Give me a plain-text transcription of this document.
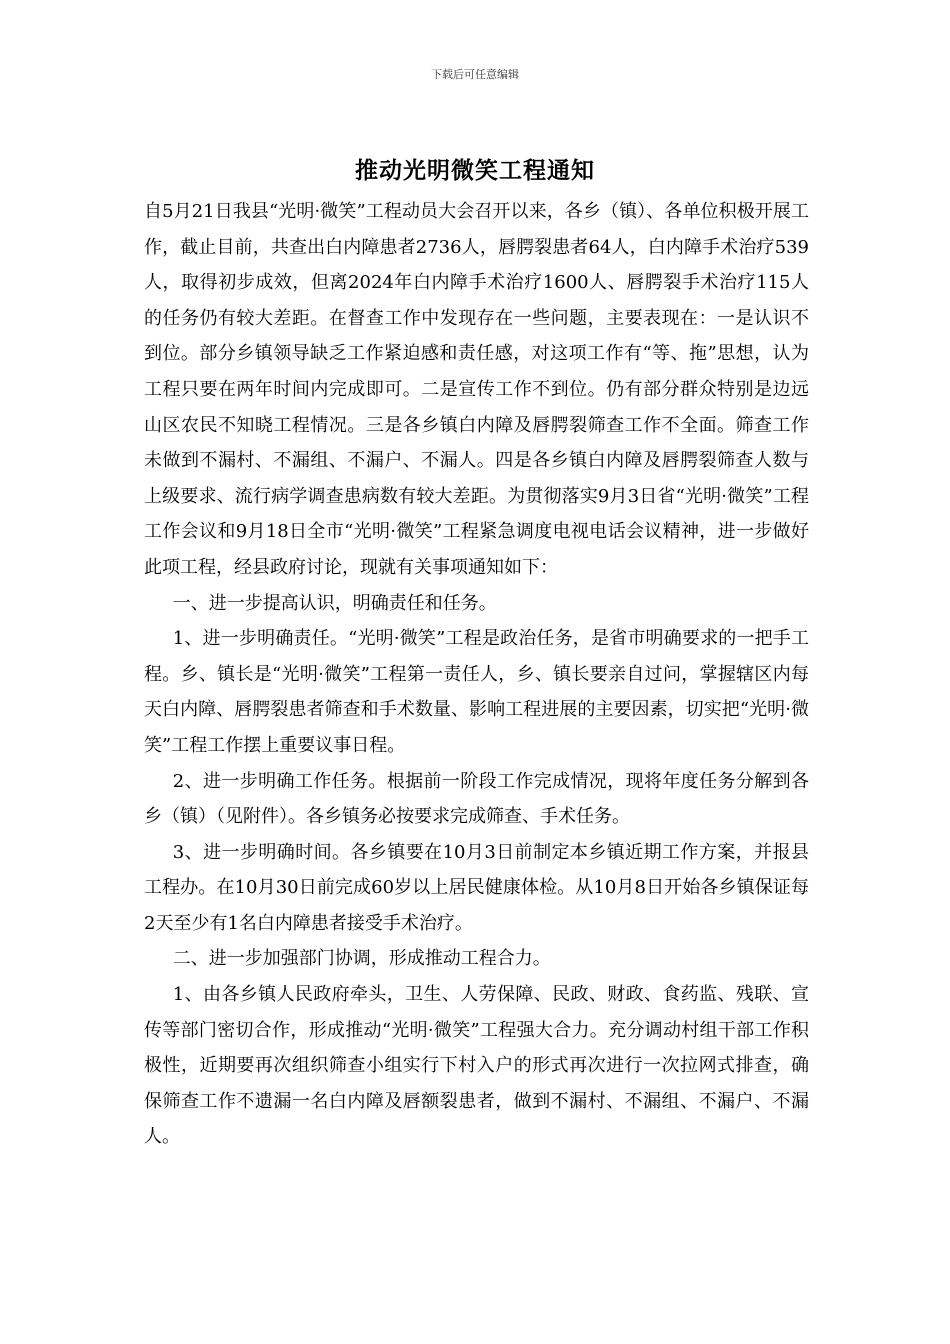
下载后可任意编辑
推动光明微笑工程通知

自5月21日我县“光明·微笑”工程动员大会召开以来，各乡（镇）、各单位积极开展工作，截止目前，共查出白内障患者2736人，唇腭裂患者64人，白内障手术治疗539人，取得初步成效，但离2024年白内障手术治疗1600人、唇腭裂手术治疗115人的任务仍有较大差距。在督查工作中发现存在一些问题，主要表现在：一是认识不到位。部分乡镇领导缺乏工作紧迫感和责任感，对这项工作有“等、拖”思想，认为工程只要在两年时间内完成即可。二是宣传工作不到位。仍有部分群众特别是边远山区农民不知晓工程情况。三是各乡镇白内障及唇腭裂筛查工作不全面。筛查工作未做到不漏村、不漏组、不漏户、不漏人。四是各乡镇白内障及唇腭裂筛查人数与上级要求、流行病学调查患病数有较大差距。为贯彻落实9月3日省“光明·微笑”工程工作会议和9月18日全市“光明·微笑”工程紧急调度电视电话会议精神，进一步做好此项工程，经县政府讨论，现就有关事项通知如下：

一、进一步提高认识，明确责任和任务。

1、进一步明确责任。“光明·微笑”工程是政治任务，是省市明确要求的一把手工程。乡、镇长是“光明·微笑”工程第一责任人，乡、镇长要亲自过问，掌握辖区内每天白内障、唇腭裂患者筛查和手术数量、影响工程进展的主要因素，切实把“光明·微笑”工程工作摆上重要议事日程。

2、进一步明确工作任务。根据前一阶段工作完成情况，现将年度任务分解到各乡（镇）（见附件）。各乡镇务必按要求完成筛查、手术任务。

3、进一步明确时间。各乡镇要在10月3日前制定本乡镇近期工作方案，并报县工程办。在10月30日前完成60岁以上居民健康体检。从10月8日开始各乡镇保证每2天至少有1名白内障患者接受手术治疗。

二、进一步加强部门协调，形成推动工程合力。

1、由各乡镇人民政府牵头，卫生、人劳保障、民政、财政、食药监、残联、宣传等部门密切合作，形成推动“光明·微笑”工程强大合力。充分调动村组干部工作积极性，近期要再次组织筛查小组实行下村入户的形式再次进行一次拉网式排查，确保筛查工作不遗漏一名白内障及唇额裂患者，做到不漏村、不漏组、不漏户、不漏人。
